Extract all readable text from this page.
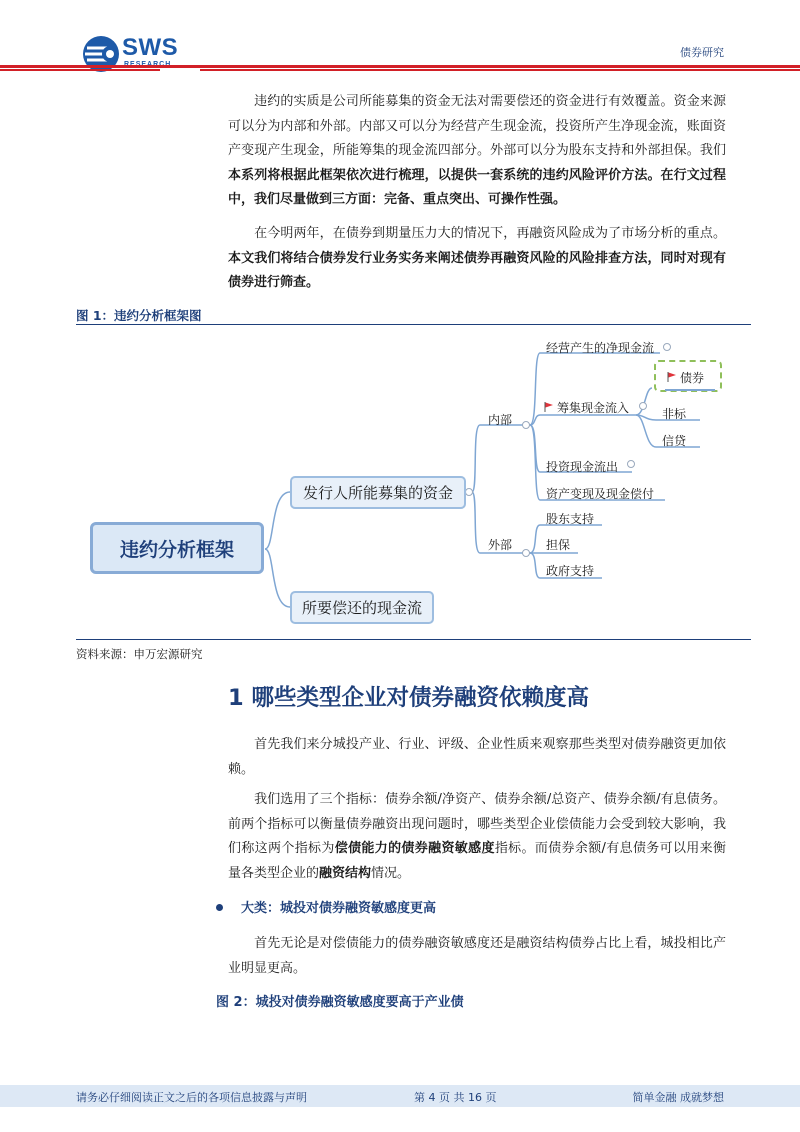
SWS	债券研究
违约的实质是公司所能募集的资金无法对需要偿还的资金进行有效覆盖。资金来源可以分为内部和外部。内部又可以分为经营产生现金流，投资所产生净现金流，账面资产变现产生现金，所能筹集的现金流四部分。外部可以分为股东支持和外部担保。我们本系列将根据此框架依次进行梳理，以提供一套系统的违约风险评价方法。在行文过程中，我们尽量做到三方面：完备、重点突出、可操作性强。
在今明两年，在债券到期量压力大的情况下，再融资风险成为了市场分析的重点。本文我们将结合债券发行业务实务来阐述债券再融资风险的风险排查方法，同时对现有债券进行筛查。
图 1：违约分析框架图
违约分析框架
发行人所能募集的资金
所要偿还的现金流
内部
外部
经营产生的净现金流
筹集现金流入
债券
非标
信贷
投资现金流出
资产变现及现金偿付
股东支持
担保
政府支持
资料来源：申万宏源研究
1 哪些类型企业对债券融资依赖度高
首先我们来分城投产业、行业、评级、企业性质来观察那些类型对债券融资更加依赖。
我们选用了三个指标：债券余额/净资产、债券余额/总资产、债券余额/有息债务。前两个指标可以衡量债券融资出现问题时，哪些类型企业偿债能力会受到较大影响，我们称这两个指标为偿债能力的债券融资敏感度指标。而债券余额/有息债务可以用来衡量各类型企业的融资结构情况。
大类：城投对债券融资敏感度更高
首先无论是对偿债能力的债券融资敏感度还是融资结构债券占比上看，城投相比产业明显更高。
图 2：城投对债券融资敏感度要高于产业债
请务必仔细阅读正文之后的各项信息披露与声明	第 4 页 共 16 页	简单金融 成就梦想
